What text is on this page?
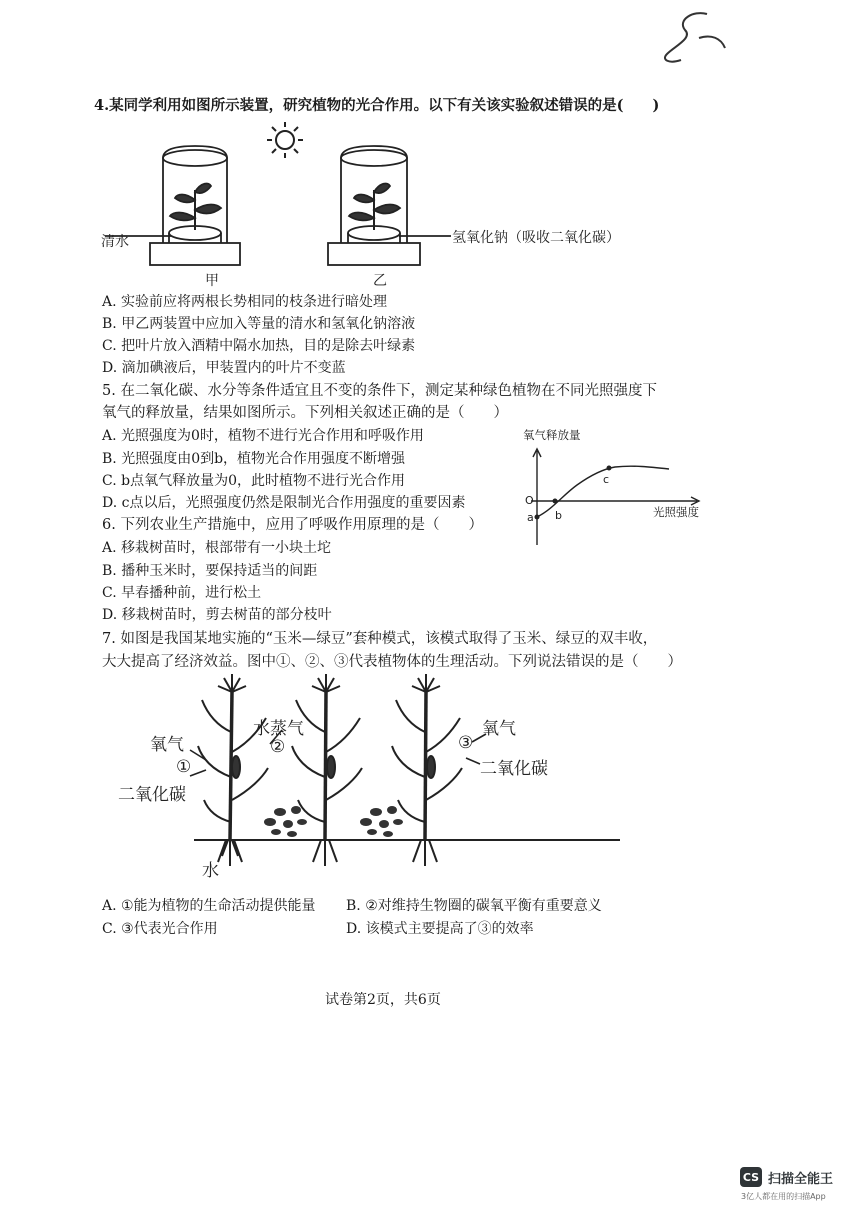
4.某同学利用如图所示装置，研究植物的光合作用。以下有关该实验叙述错误的是(　　)
清水
甲
氢氧化钠（吸收二氧化碳）
乙
A. 实验前应将两根长势相同的枝条进行暗处理
B. 甲乙两装置中应加入等量的清水和氢氧化钠溶液
C. 把叶片放入酒精中隔水加热，目的是除去叶绿素
D. 滴加碘液后，甲装置内的叶片不变蓝
5. 在二氧化碳、水分等条件适宜且不变的条件下，测定某种绿色植物在不同光照强度下
氧气的释放量，结果如图所示。下列相关叙述正确的是（　　）
A. 光照强度为0时，植物不进行光合作用和呼吸作用
B. 光照强度由0到b，植物光合作用强度不断增强
C. b点氧气释放量为0，此时植物不进行光合作用
D. c点以后，光照强度仍然是限制光合作用强度的重要因素
氧气释放量
O
a b
c
光照强度
6. 下列农业生产措施中，应用了呼吸作用原理的是（　　）
A. 移栽树苗时，根部带有一小块土坨
B. 播种玉米时，要保持适当的间距
C. 早春播种前，进行松土
D. 移栽树苗时，剪去树苗的部分枝叶
7. 如图是我国某地实施的“玉米—绿豆”套种模式，该模式取得了玉米、绿豆的双丰收，
大大提高了经济效益。图中①、②、③代表植物体的生理活动。下列说法错误的是（　　）
氧气
①
二氧化碳
水蒸气
②	③
氧气
二氧化碳
水
A. ①能为植物的生命活动提供能量 B. ②对维持生物圈的碳氧平衡有重要意义
C. ③代表光合作用	D. 该模式主要提高了③的效率
试卷第2页，共6页
CS 扫描全能王
3亿人都在用的扫描App
